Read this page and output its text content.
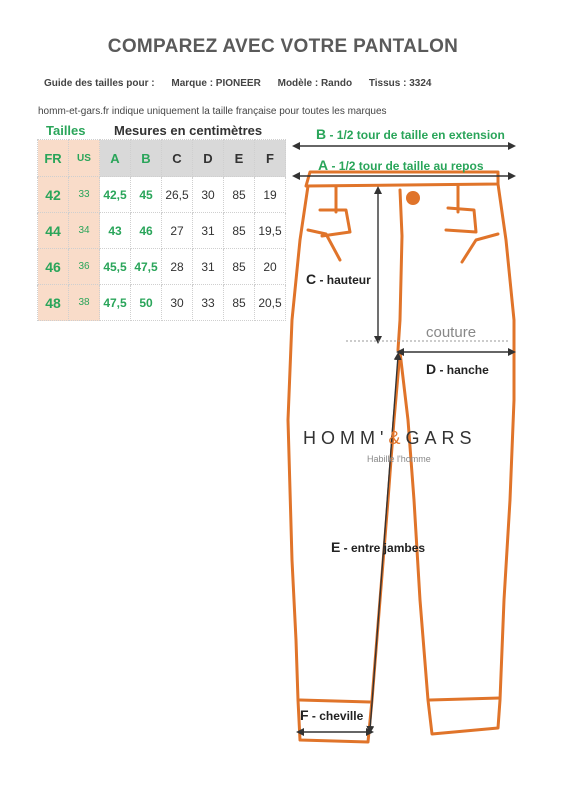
COMPAREZ AVEC VOTRE PANTALON
Guide des tailles pour : Marque : PIONEER Modèle : Rando Tissus : 3324
homm-et-gars.fr indique uniquement la taille française pour toutes les marques
Tailles Mesures en centimètres
FR	US	A	B	C	D	E	F
42	33	42,5	45	26,5	30	85	19
44	34	43	46	27	31	85	19,5
46	36	45,5	47,5	28	31	85	20
48	38	47,5	50	30	33	85	20,5
B - 1/2 tour de taille en extension
A - 1/2 tour de taille au repos
C - hauteur
couture
D - hanche
E - entre jambes
F - cheville
HOMM'&GARS
Habille l'homme
